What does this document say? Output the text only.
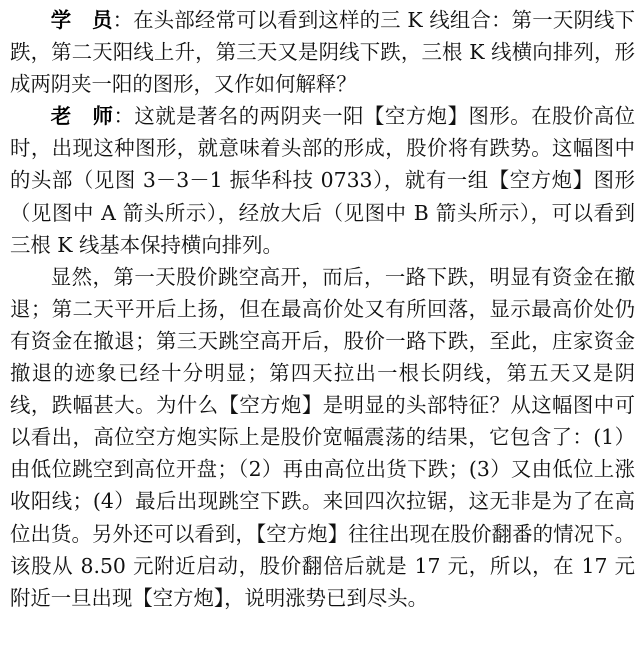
学　员：在头部经常可以看到这样的三 K 线组合：第一天阴线下跌，第二天阳线上升，第三天又是阴线下跌，三根 K 线横向排列，形成两阴夹一阳的图形，又作如何解释？

老　师：这就是著名的两阴夹一阳【空方炮】图形。在股价高位时，出现这种图形，就意味着头部的形成，股价将有跌势。这幅图中的头部（见图 3－3－1 振华科技 0733），就有一组【空方炮】图形（见图中 A 箭头所示），经放大后（见图中 B 箭头所示），可以看到三根 K 线基本保持横向排列。

显然，第一天股价跳空高开，而后，一路下跌，明显有资金在撤退；第二天平开后上扬，但在最高价处又有所回落，显示最高价处仍有资金在撤退；第三天跳空高开后，股价一路下跌，至此，庄家资金撤退的迹象已经十分明显；第四天拉出一根长阴线，第五天又是阴线，跌幅甚大。为什么【空方炮】是明显的头部特征？从这幅图中可以看出，高位空方炮实际上是股价宽幅震荡的结果，它包含了：(1）由低位跳空到高位开盘；（2）再由高位出货下跌；(3）又由低位上涨收阳线；(4）最后出现跳空下跌。来回四次拉锯，这无非是为了在高位出货。另外还可以看到，【空方炮】往往出现在股价翻番的情况下。该股从 8.50 元附近启动，股价翻倍后就是 17 元，所以，在 17 元附近一旦出现【空方炮】，说明涨势已到尽头。
